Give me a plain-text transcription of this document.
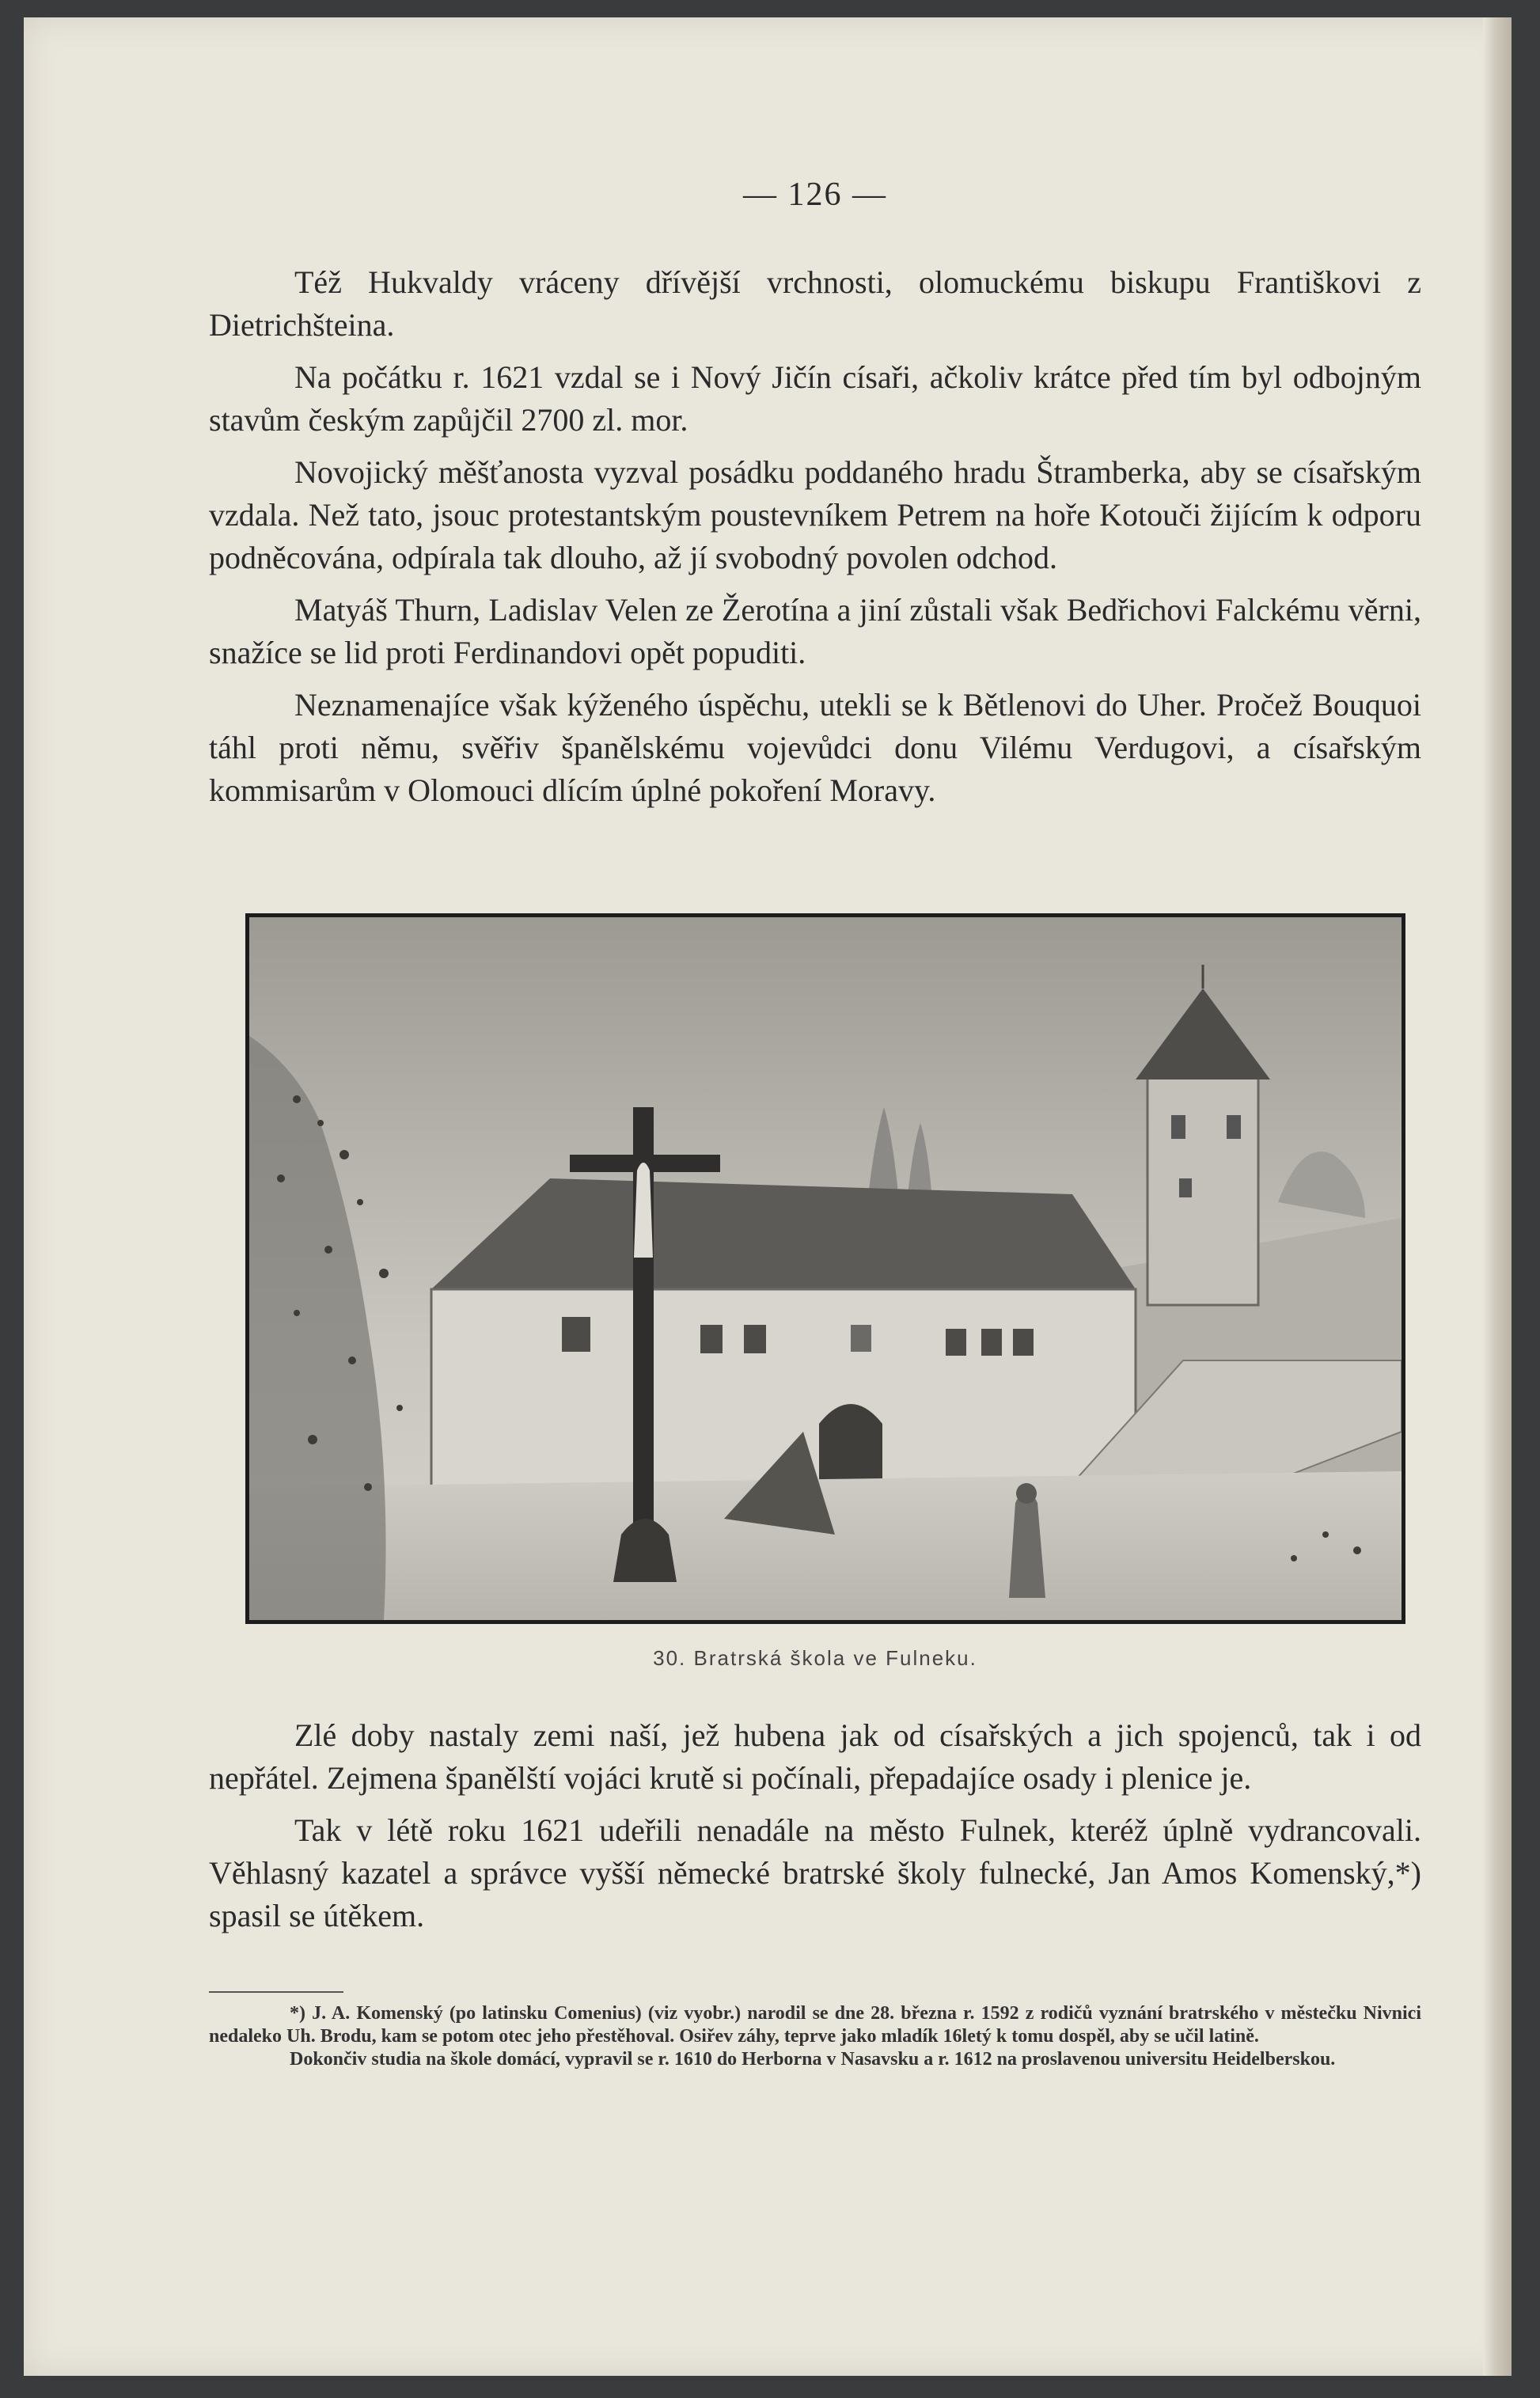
— 126 —

Též Hukvaldy vráceny dřívější vrchnosti, olomuckému biskupu Františkovi z Dietrichšteina.

Na počátku r. 1621 vzdal se i Nový Jičín císaři, ačkoliv krátce před tím byl odbojným stavům českým zapůjčil 2700 zl. mor.

Novojický měšťanosta vyzval posádku poddaného hradu Štramberka, aby se císařským vzdala. Než tato, jsouc protestantským poustevníkem Petrem na hoře Kotouči žijícím k odporu podněcována, odpírala tak dlouho, až jí svobodný povolen odchod.

Matyáš Thurn, Ladislav Velen ze Žerotína a jiní zůstali však Bedřichovi Falckému věrni, snažíce se lid proti Ferdinandovi opět popuditi.

Neznamenajíce však kýženého úspěchu, utekli se k Bětlenovi do Uher. Pročež Bouquoi táhl proti němu, svěřiv španělskému vojevůdci donu Vilému Verdugovi, a císařským kommisarům v Olomouci dlícím úplné pokoření Moravy.

30. Bratrská škola ve Fulneku.

Zlé doby nastaly zemi naší, jež hubena jak od císařských a jich spojenců, tak i od nepřátel. Zejmena španělští vojáci krutě si počínali, přepadajíce osady i plenice je.

Tak v létě roku 1621 udeřili nenadále na město Fulnek, kteréž úplně vydrancovali. Věhlasný kazatel a správce vyšší německé bratrské školy fulnecké, Jan Amos Komenský,*) spasil se útěkem.

*) J. A. Komenský (po latinsku Comenius) (viz vyobr.) narodil se dne 28. března r. 1592 z rodičů vyznání bratrského v městečku Nivnici nedaleko Uh. Brodu, kam se potom otec jeho přestěhoval. Osiřev záhy, teprve jako mladík 16letý k tomu dospěl, aby se učil latině.

Dokončiv studia na škole domácí, vypravil se r. 1610 do Herborna v Nasavsku a r. 1612 na proslavenou universitu Heidelberskou.
